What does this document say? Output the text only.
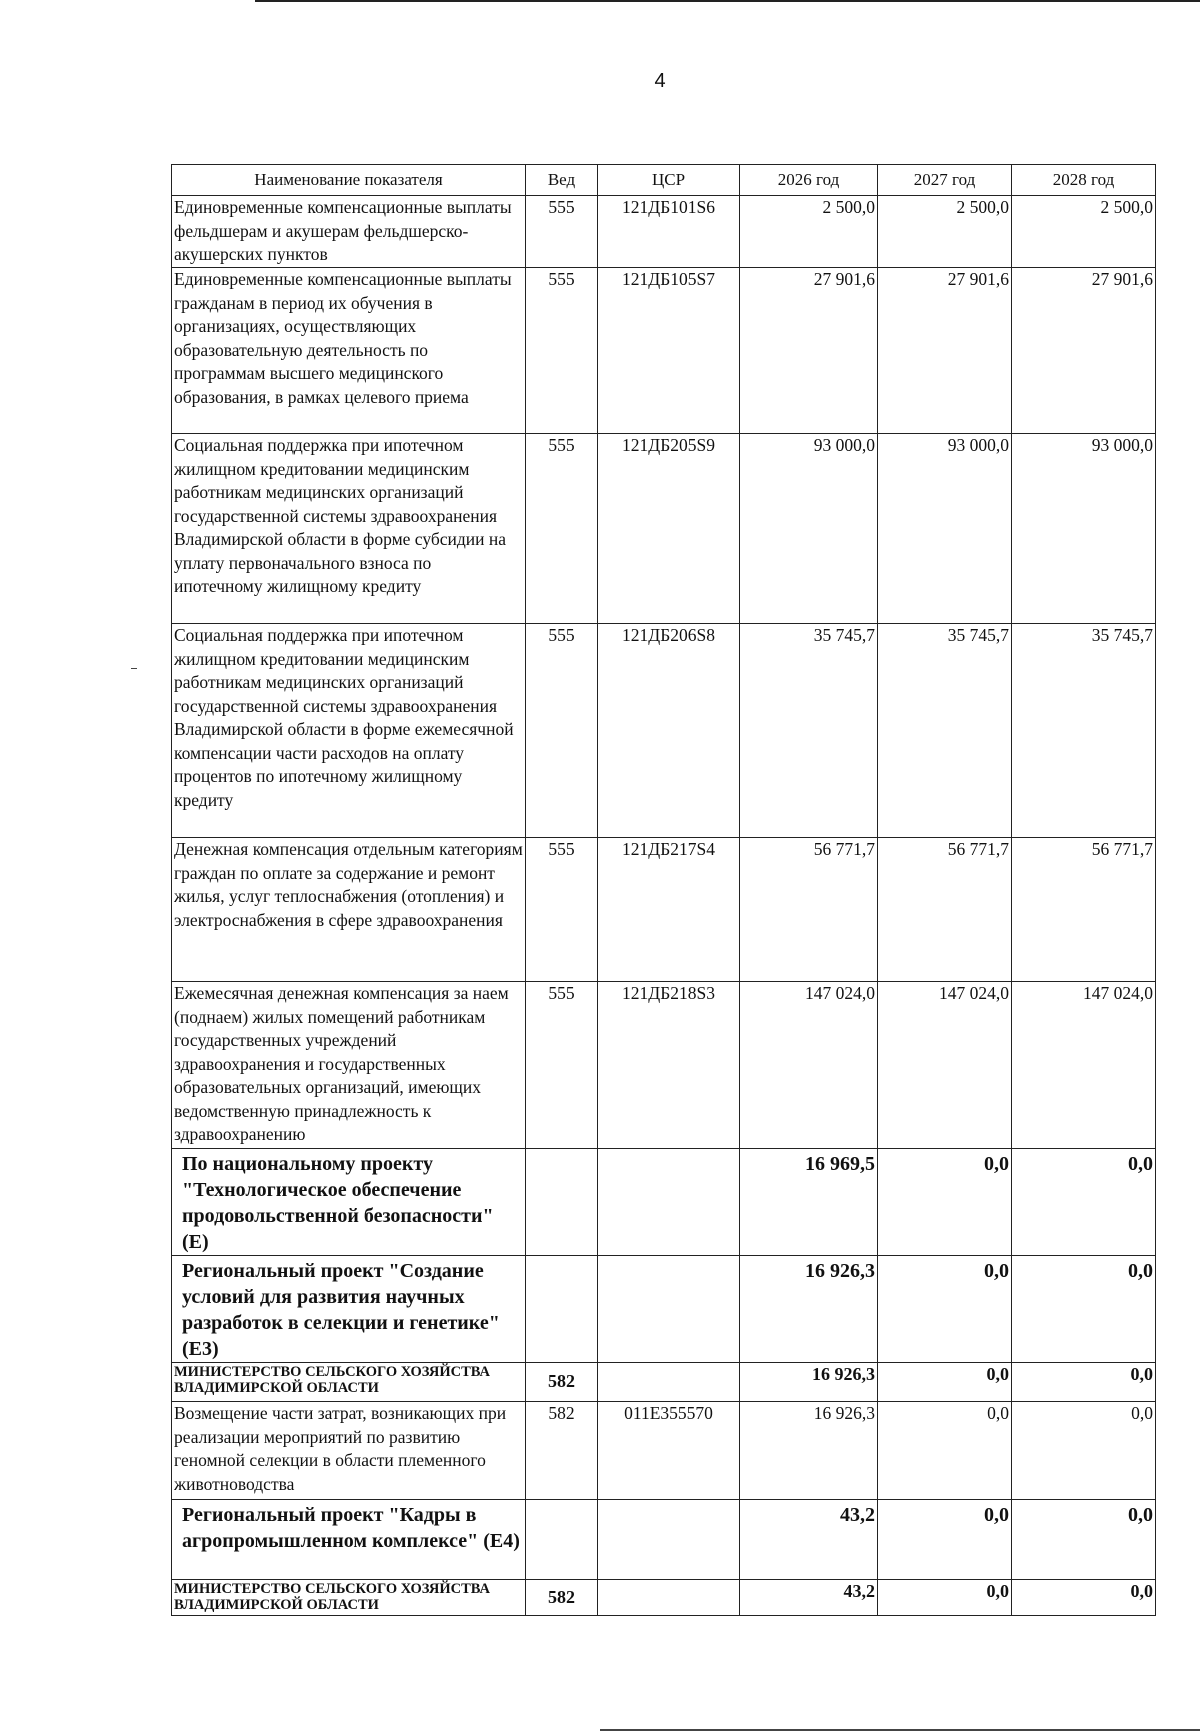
4
Наименование показателя	Вед	ЦСР	2026 год	2027 год	2028 год
Единовременные компенсационные выплаты фельдшерам и акушерам фельдшерско-акушерских пунктов	555	121ДБ101S6	2 500,0	2 500,0	2 500,0
Единовременные компенсационные выплаты гражданам в период их обучения в организациях, осуществляющих образовательную деятельность по программам высшего медицинского образования, в рамках целевого приема	555	121ДБ105S7	27 901,6	27 901,6	27 901,6
Социальная поддержка при ипотечном жилищном кредитовании медицинским работникам медицинских организаций государственной системы здравоохранения Владимирской области в форме субсидии на уплату первоначального взноса по ипотечному жилищному кредиту	555	121ДБ205S9	93 000,0	93 000,0	93 000,0
Социальная поддержка при ипотечном жилищном кредитовании медицинским работникам медицинских организаций государственной системы здравоохранения Владимирской области в форме ежемесячной компенсации части расходов на оплату процентов по ипотечному жилищному кредиту	555	121ДБ206S8	35 745,7	35 745,7	35 745,7
Денежная компенсация отдельным категориям граждан по оплате за содержание и ремонт жилья, услуг теплоснабжения (отопления) и электроснабжения в сфере здравоохранения	555	121ДБ217S4	56 771,7	56 771,7	56 771,7
Ежемесячная денежная компенсация за наем (поднаем) жилых помещений работникам государственных учреждений здравоохранения и государственных образовательных организаций, имеющих ведомственную принадлежность к здравоохранению	555	121ДБ218S3	147 024,0	147 024,0	147 024,0
По национальному проекту "Технологическое обеспечение продовольственной безопасности" (Е)			16 969,5	0,0	0,0
Региональный проект "Создание условий для развития научных разработок в селекции и генетике" (Е3)			16 926,3	0,0	0,0
МИНИСТЕРСТВО СЕЛЬСКОГО ХОЗЯЙСТВА ВЛАДИМИРСКОЙ ОБЛАСТИ	582		16 926,3	0,0	0,0
Возмещение части затрат, возникающих при реализации мероприятий по развитию геномной селекции в области племенного животноводства	582	011Е355570	16 926,3	0,0	0,0
Региональный проект "Кадры в агропромышленном комплексе" (Е4)			43,2	0,0	0,0
МИНИСТЕРСТВО СЕЛЬСКОГО ХОЗЯЙСТВА ВЛАДИМИРСКОЙ ОБЛАСТИ	582		43,2	0,0	0,0
